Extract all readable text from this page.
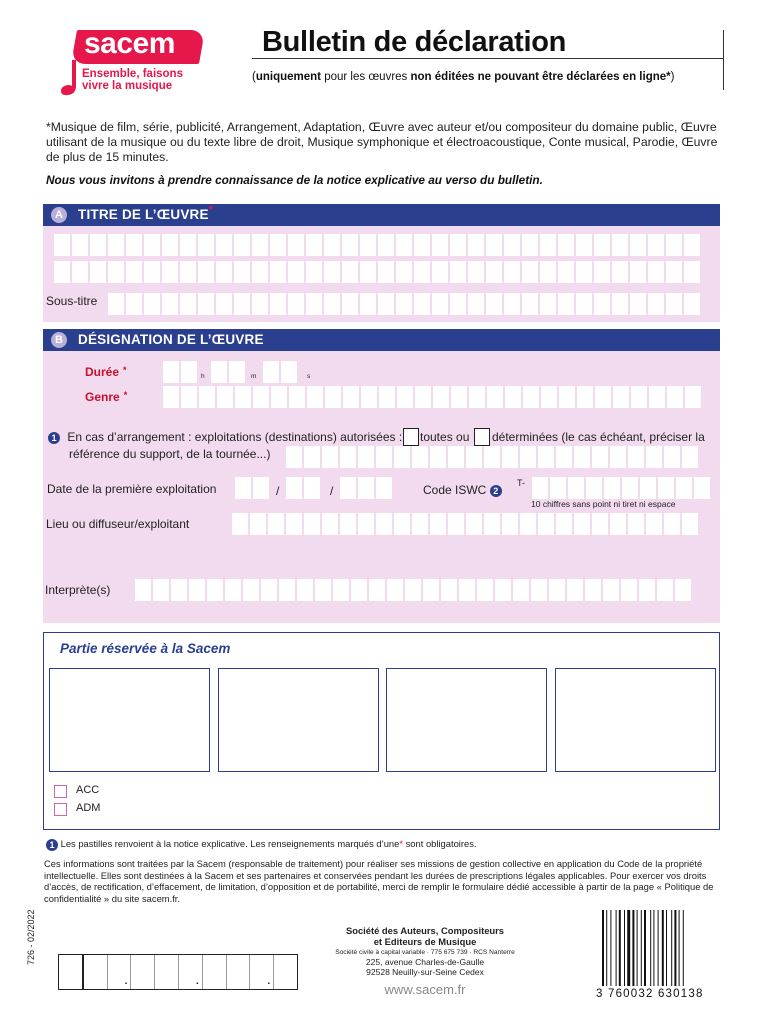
sacem
Ensemble, faisons
vivre la musique
Bulletin de déclaration
(uniquement pour les œuvres non éditées ne pouvant être déclarées en ligne*)
*Musique de film, série, publicité, Arrangement, Adaptation, Œuvre avec auteur et/ou compositeur du domaine public, Œuvre utilisant de la musique ou du texte libre de droit, Musique symphonique et électroacoustique, Conte musical, Parodie, Œuvre de plus de 15 minutes.
Nous vous invitons à prendre connaissance de la notice explicative au verso du bulletin.
A TITRE DE L’ŒUVRE*
Sous-titre
B DÉSIGNATION DE L’ŒUVRE
Durée *
h	m	s
Genre *
1 En cas d’arrangement : exploitations (destinations) autorisées : toutes ou déterminées (le cas échéant, préciser la
référence du support, de la tournée...)
Date de la première exploitation	/	/	Code ISWC 2
T-
10 chiffres sans point ni tiret ni espace
Lieu ou diffuseur/exploitant
Interprète(s)
Partie réservée à la Sacem
ACC
ADM
1 Les pastilles renvoient à la notice explicative. Les renseignements marqués d’une* sont obligatoires.
Ces informations sont traitées par la Sacem (responsable de traitement) pour réaliser ses missions de gestion collective en application du Code de la propriété intellectuelle. Elles sont destinées à la Sacem et ses partenaires et conservées pendant les durées de prescriptions légales applicables. Pour exercer vos droits d’accès, de rectification, d’effacement, de limitation, d’opposition et de portabilité, merci de remplir le formulaire dédié accessible à partir de la page « Politique de confidentialité » du site sacem.fr.
726 - 02/2022
.	.	.
Société des Auteurs, Compositeurs
et Editeurs de Musique
Société civile à capital variable · 775 675 739 · RCS Nanterre
225, avenue Charles-de-Gaulle
92528 Neuilly-sur-Seine Cedex
www.sacem.fr	3 760032 630138
